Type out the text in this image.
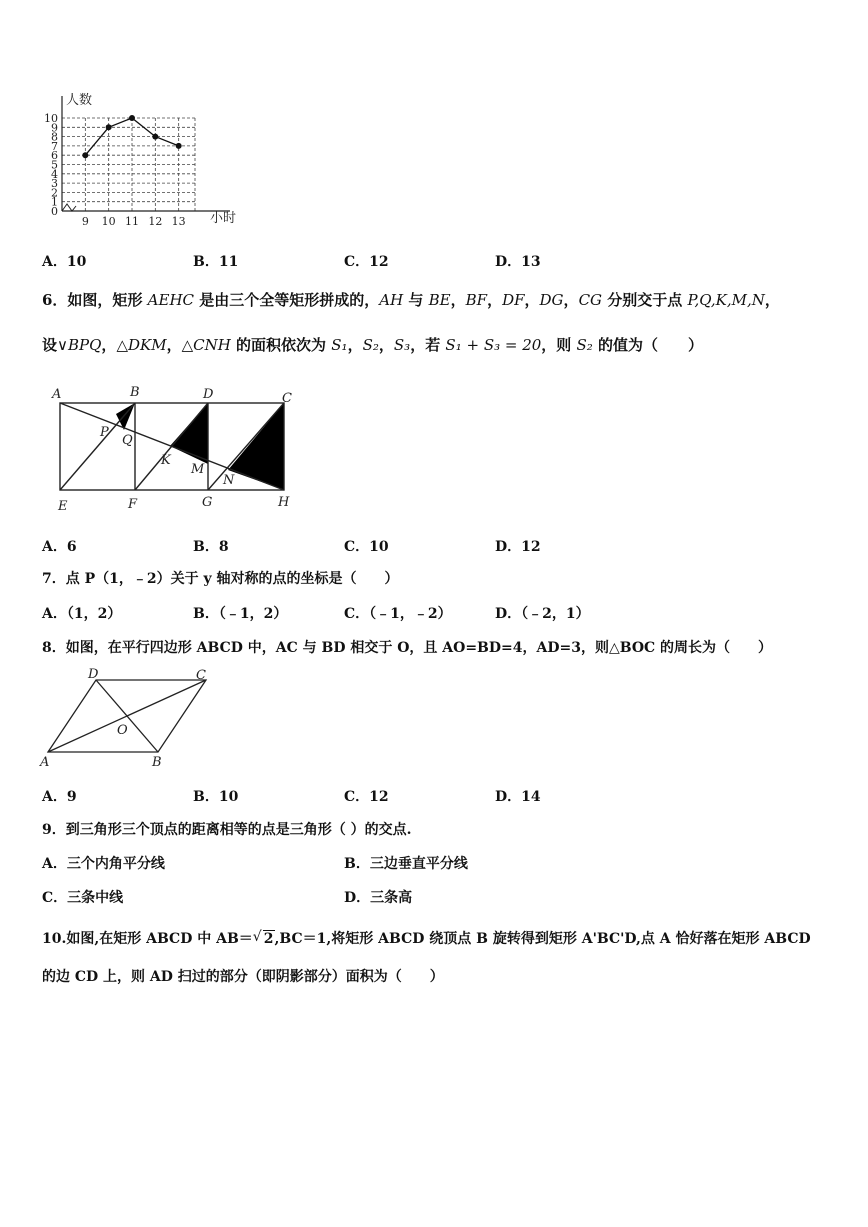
0
1
2
3
4
5
6
7
8
9
10
9 10 11 12 13
人数
小时
A．10	B．11	C．12	D．13
6．如图，矩形 AEHC 是由三个全等矩形拼成的，AH 与 BE，BF，DF，DG，CG 分别交于点 P,Q,K,M,N，
设∨BPQ，△DKM，△CNH 的面积依次为 S₁，S₂，S₃，若 S₁ + S₃ = 20，则 S₂ 的值为（　　）
A	B	D	C
P
Q
K
M
N
E	F	G	H
A．6	B．8	C．10	D．12
7．点 P（1，﹣2）关于 y 轴对称的点的坐标是（　　）
A．（1，2）	B．（﹣1，2）	C．（﹣1，﹣2）	D．（﹣2，1）
8．如图，在平行四边形 ABCD 中，AC 与 BD 相交于 O，且 AO=BD=4，AD=3，则△BOC 的周长为（　　）
D	C
O
A	B
A．9	B．10	C．12	D．14
9．到三角形三个顶点的距离相等的点是三角形（ ）的交点.
A．三个内角平分线	B．三边垂直平分线
C．三条中线	D．三条高
10.如图,在矩形 ABCD 中 AB＝√ 2,BC＝1,将矩形 ABCD 绕顶点 B 旋转得到矩形 A'BC'D,点 A 恰好落在矩形 ABCD
的边 CD 上，则 AD 扫过的部分（即阴影部分）面积为（　　）
